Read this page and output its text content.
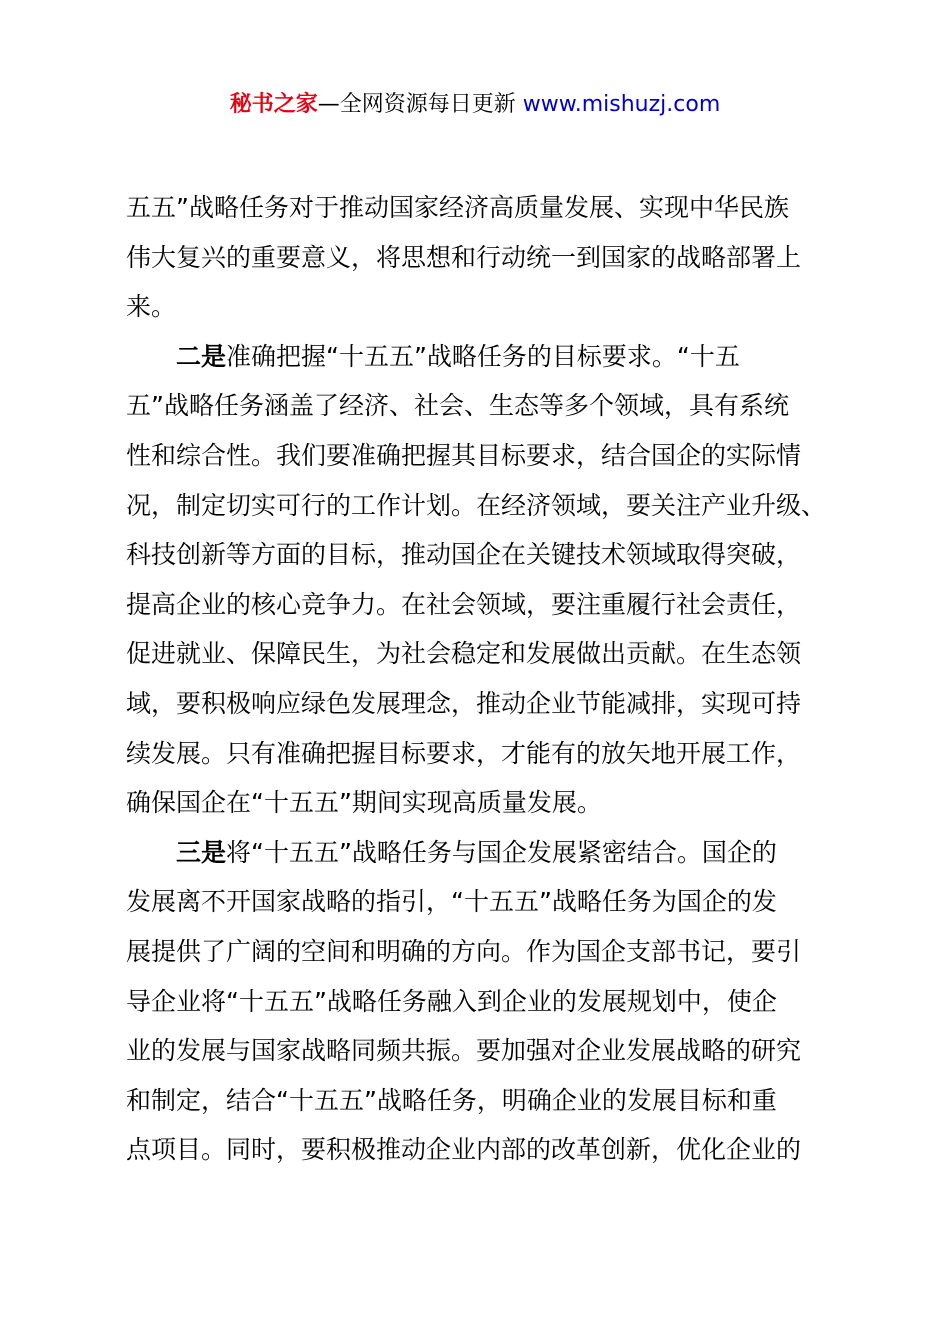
秘书之家—全网资源每日更新 www.mishuzj.com
五五”战略任务对于推动国家经济高质量发展、实现中华民族
伟大复兴的重要意义，将思想和行动统一到国家的战略部署上
来。
二是准确把握“十五五”战略任务的目标要求。“十五
五”战略任务涵盖了经济、社会、生态等多个领域，具有系统
性和综合性。我们要准确把握其目标要求，结合国企的实际情
况，制定切实可行的工作计划。在经济领域，要关注产业升级、
科技创新等方面的目标，推动国企在关键技术领域取得突破，
提高企业的核心竞争力。在社会领域，要注重履行社会责任，
促进就业、保障民生，为社会稳定和发展做出贡献。在生态领
域，要积极响应绿色发展理念，推动企业节能减排，实现可持
续发展。只有准确把握目标要求，才能有的放矢地开展工作，
确保国企在“十五五”期间实现高质量发展。
三是将“十五五”战略任务与国企发展紧密结合。国企的
发展离不开国家战略的指引，“十五五”战略任务为国企的发
展提供了广阔的空间和明确的方向。作为国企支部书记，要引
导企业将“十五五”战略任务融入到企业的发展规划中，使企
业的发展与国家战略同频共振。要加强对企业发展战略的研究
和制定，结合“十五五”战略任务，明确企业的发展目标和重
点项目。同时，要积极推动企业内部的改革创新，优化企业的
